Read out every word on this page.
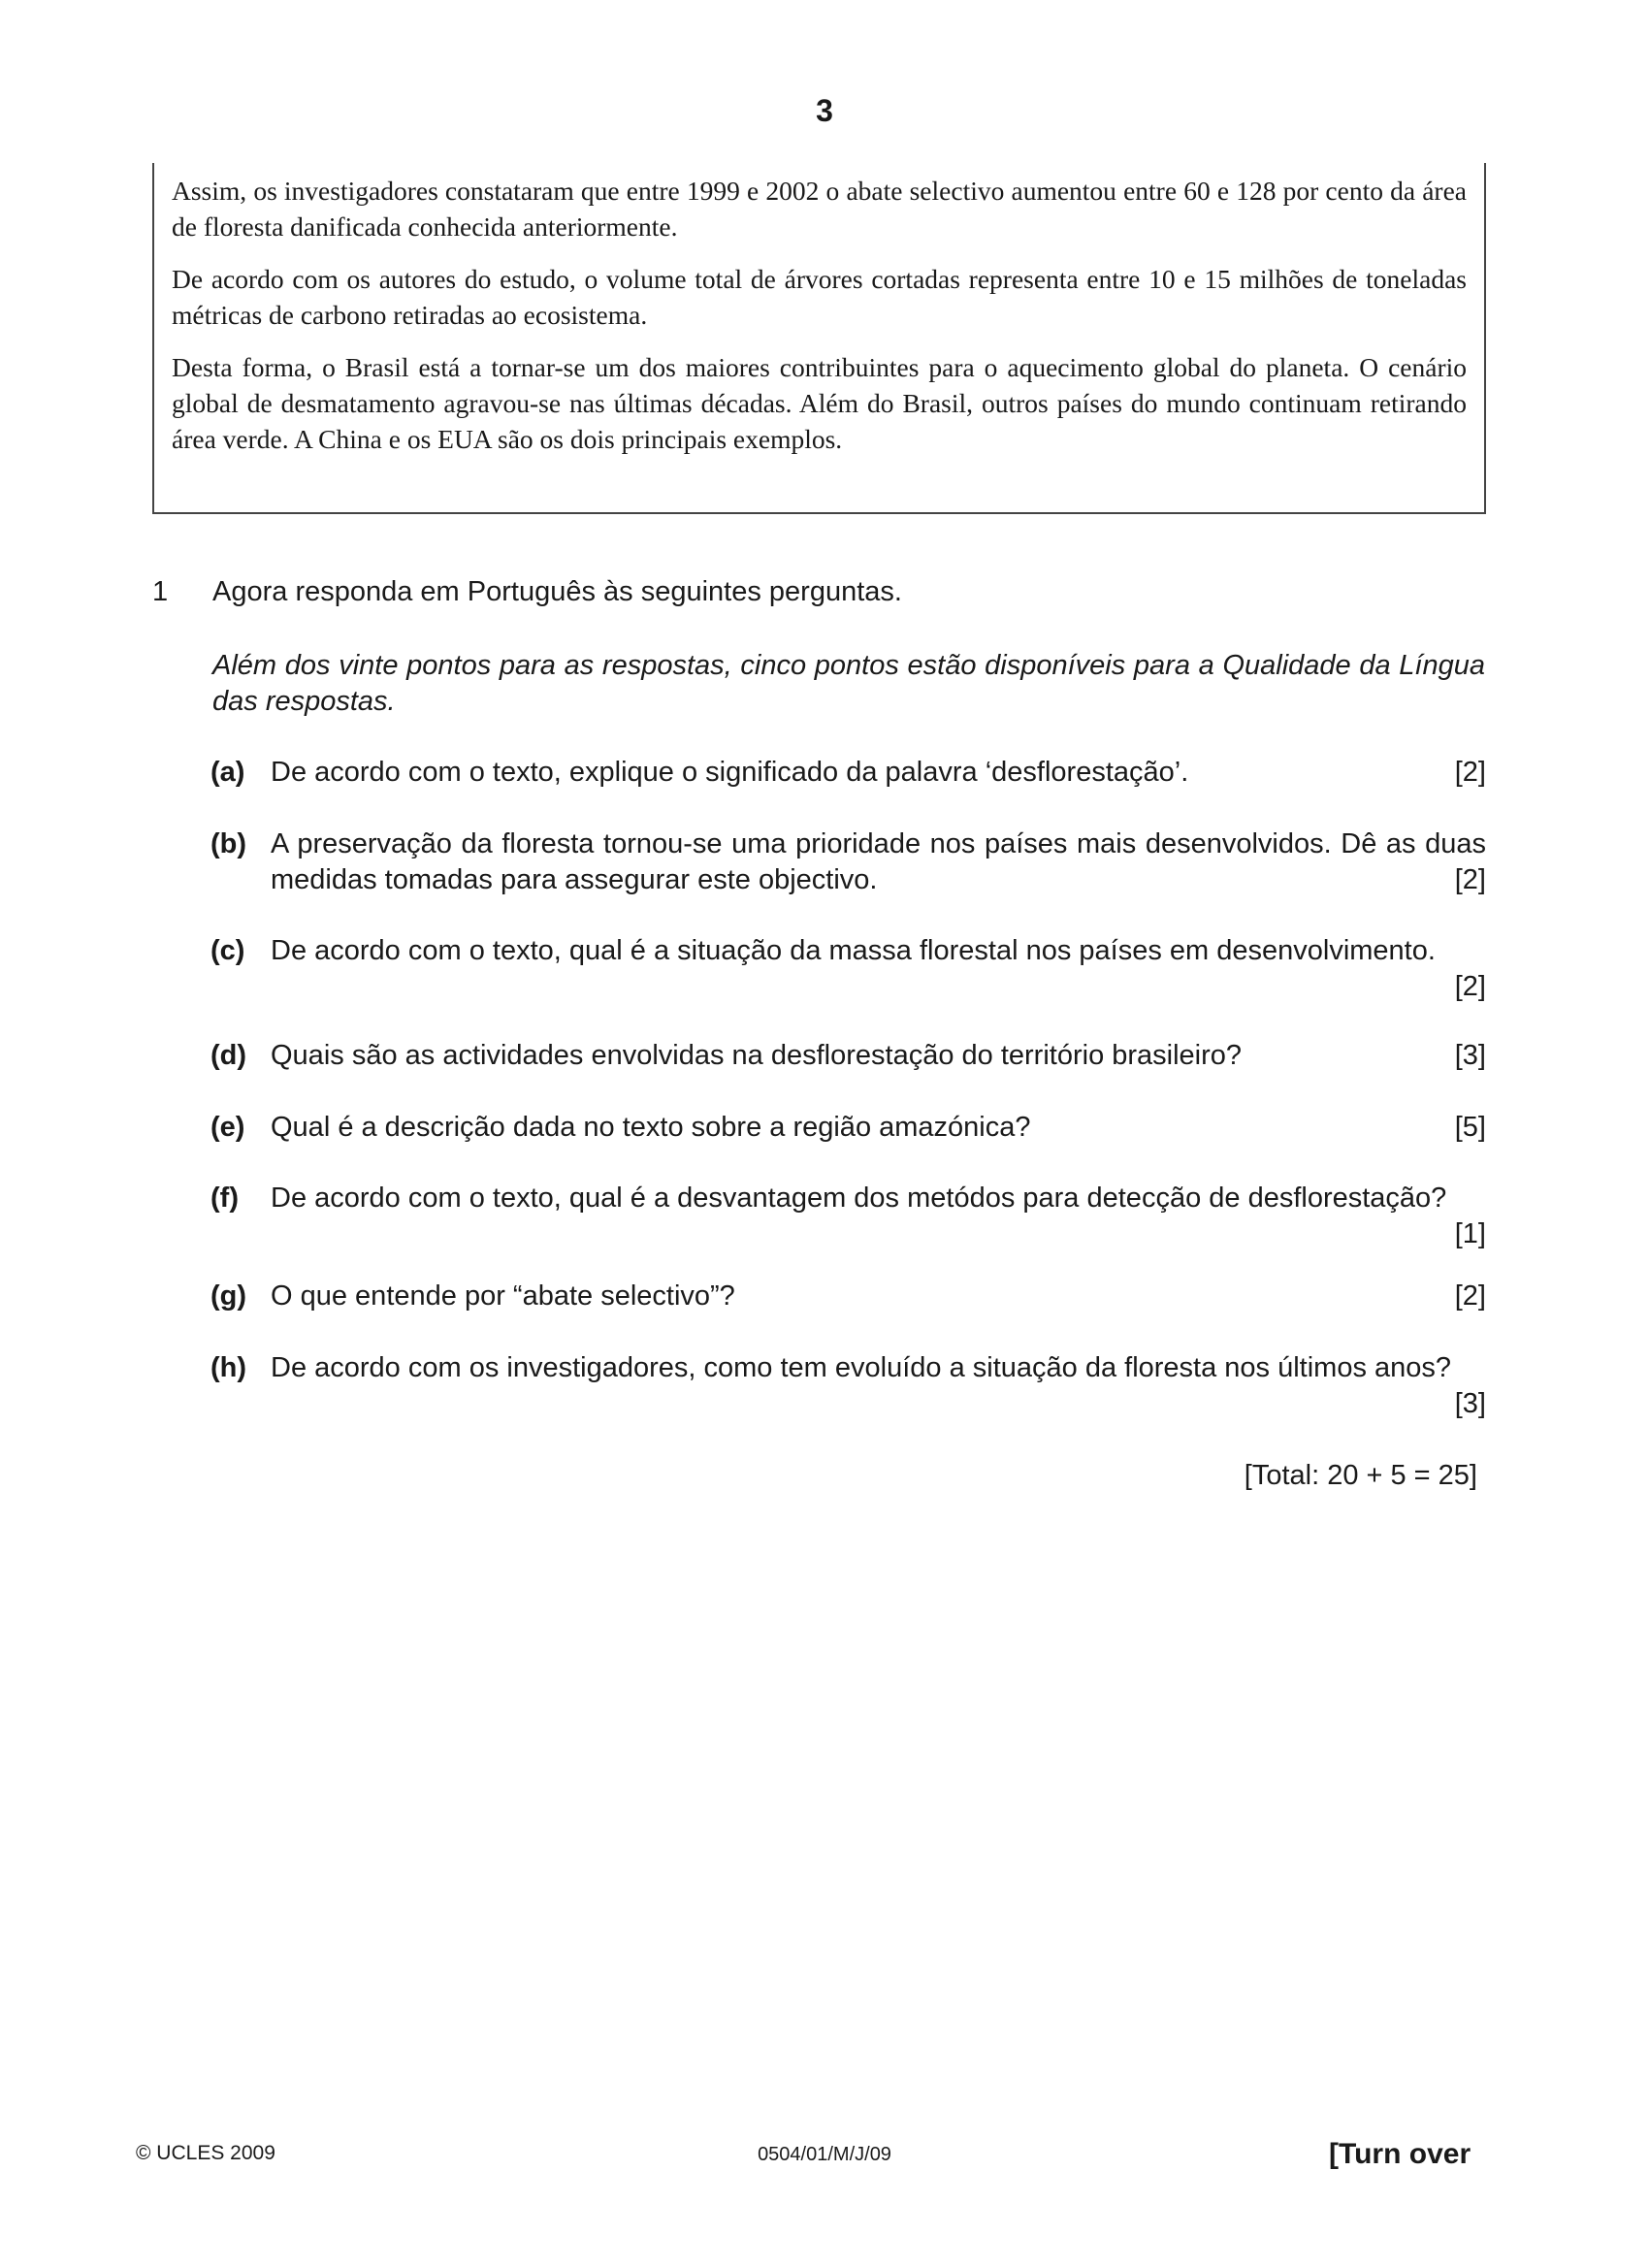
3

Assim, os investigadores constataram que entre 1999 e 2002 o abate selectivo aumentou entre 60 e 128 por cento da área de floresta danificada conhecida anteriormente.

De acordo com os autores do estudo, o volume total de árvores cortadas representa entre 10 e 15 milhões de toneladas métricas de carbono retiradas ao ecosistema.

Desta forma, o Brasil está a tornar-se um dos maiores contribuintes para o aquecimento global do planeta. O cenário global de desmatamento agravou-se nas últimas décadas. Além do Brasil, outros países do mundo continuam retirando área verde. A China e os EUA são os dois principais exemplos.

1 Agora responda em Português às seguintes perguntas.
Além dos vinte pontos para as respostas, cinco pontos estão disponíveis para a Qualidade da Língua das respostas.
(a)	[2]
De acordo com o texto, explique o significado da palavra ‘desflorestação’.
(b) A preservação da floresta tornou-se uma prioridade nos países mais desenvolvidos. Dê as duas medidas tomadas para assegurar este objectivo.	[2]
(c) De acordo com o texto, qual é a situação da massa florestal nos países em desenvolvimento.
[2]
(d)	[3]
Quais são as actividades envolvidas na desflorestação do território brasileiro?
(e)	[5]
Qual é a descrição dada no texto sobre a região amazónica?
(f) De acordo com o texto, qual é a desvantagem dos metódos para detecção de desflorestação?
[1]
(g)	[2]
O que entende por “abate selectivo”?
(h) De acordo com os investigadores, como tem evoluído a situação da floresta nos últimos anos?
[3]
[Total: 20 + 5 = 25]
© UCLES 2009	0504/01/M/J/09	[Turn over
